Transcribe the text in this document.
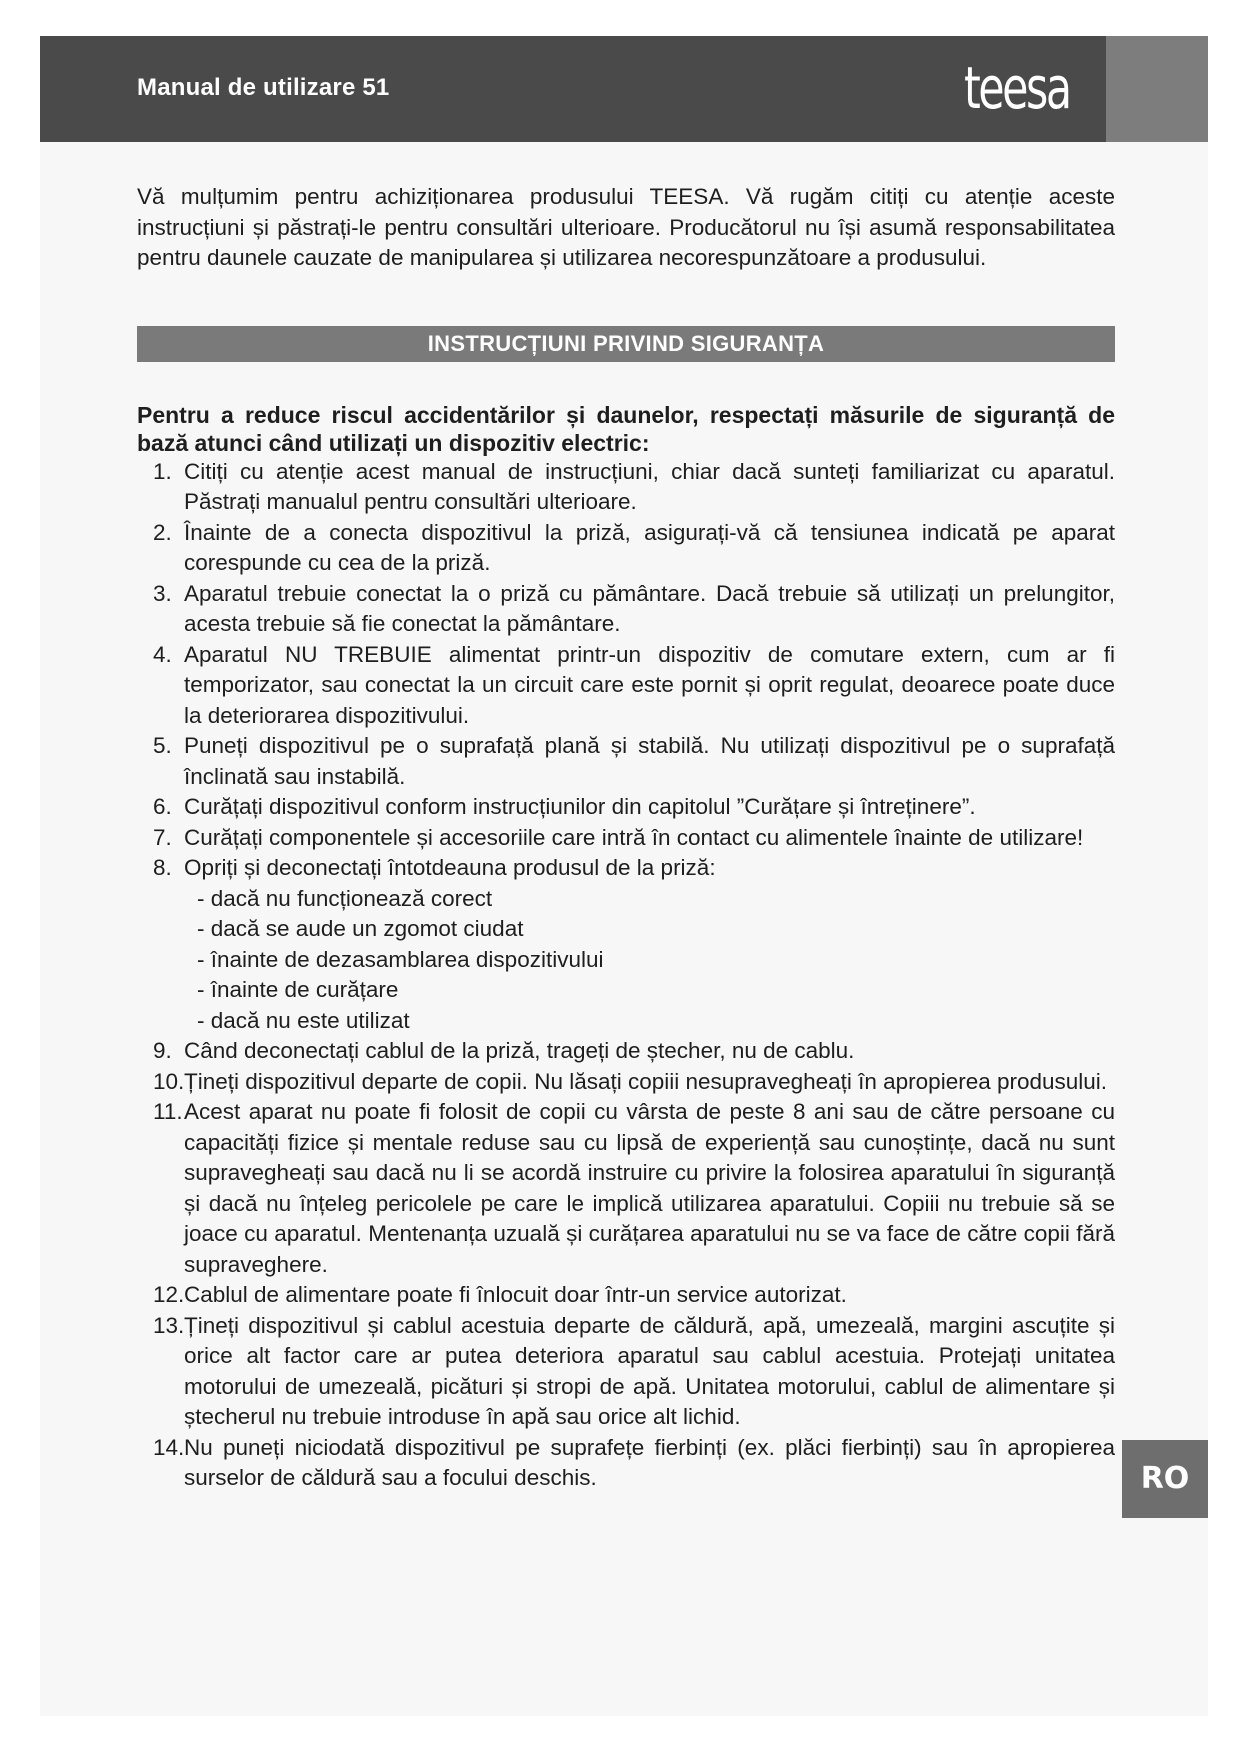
Manual de utilizare 51	teesa

Vă mulțumim pentru achiziționarea produsului TEESA. Vă rugăm citiți cu atenție aceste instrucțiuni și păstrați-le pentru consultări ulterioare. Producătorul nu își asumă responsabilitatea pentru daunele cauzate de manipularea și utilizarea necorespunzătoare a produsului.

INSTRUCȚIUNI PRIVIND SIGURANȚA

Pentru a reduce riscul accidentărilor și daunelor, respectați măsurile de siguranță de bază atunci când utilizați un dispozitiv electric:

1. Citiți cu atenție acest manual de instrucțiuni, chiar dacă sunteți familiarizat cu aparatul. Păstrați manualul pentru consultări ulterioare.
2. Înainte de a conecta dispozitivul la priză, asigurați-vă că tensiunea indicată pe aparat corespunde cu cea de la priză.
3. Aparatul trebuie conectat la o priză cu pământare. Dacă trebuie să utilizați un prelungitor, acesta trebuie să fie conectat la pământare.
4. Aparatul NU TREBUIE alimentat printr-un dispozitiv de comutare extern, cum ar fi temporizator, sau conectat la un circuit care este pornit și oprit regulat, deoarece poate duce la deteriorarea dispozitivului.
5. Puneți dispozitivul pe o suprafață plană și stabilă. Nu utilizați dispozitivul pe o suprafață înclinată sau instabilă.
6. Curățați dispozitivul conform instrucțiunilor din capitolul ”Curățare și întreținere”.
7. Curățați componentele și accesoriile care intră în contact cu alimentele înainte de utilizare!
8. Opriți și deconectați întotdeauna produsul de la priză:
- dacă nu funcționează corect
- dacă se aude un zgomot ciudat
- înainte de dezasamblarea dispozitivului
- înainte de curățare
- dacă nu este utilizat
9. Când deconectați cablul de la priză, trageți de ștecher, nu de cablu.
10. Țineți dispozitivul departe de copii. Nu lăsați copiii nesupravegheați în apropierea produsului.
11. Acest aparat nu poate fi folosit de copii cu vârsta de peste 8 ani sau de către persoane cu capacități fizice și mentale reduse sau cu lipsă de experiență sau cunoștințe, dacă nu sunt supravegheați sau dacă nu li se acordă instruire cu privire la folosirea aparatului în siguranță și dacă nu înțeleg pericolele pe care le implică utilizarea aparatului. Copiii nu trebuie să se joace cu aparatul. Mentenanța uzuală și curățarea aparatului nu se va face de către copii fără supraveghere.
12. Cablul de alimentare poate fi înlocuit doar într-un service autorizat.
13. Țineți dispozitivul și cablul acestuia departe de căldură, apă, umezeală, margini ascuțite și orice alt factor care ar putea deteriora aparatul sau cablul acestuia. Protejați unitatea motorului de umezeală, picături și stropi de apă. Unitatea motorului, cablul de alimentare și ștecherul nu trebuie introduse în apă sau orice alt lichid.
14. Nu puneți niciodată dispozitivul pe suprafețe fierbinți (ex. plăci fierbinți) sau în apropierea surselor de căldură sau a focului deschis.	RO
